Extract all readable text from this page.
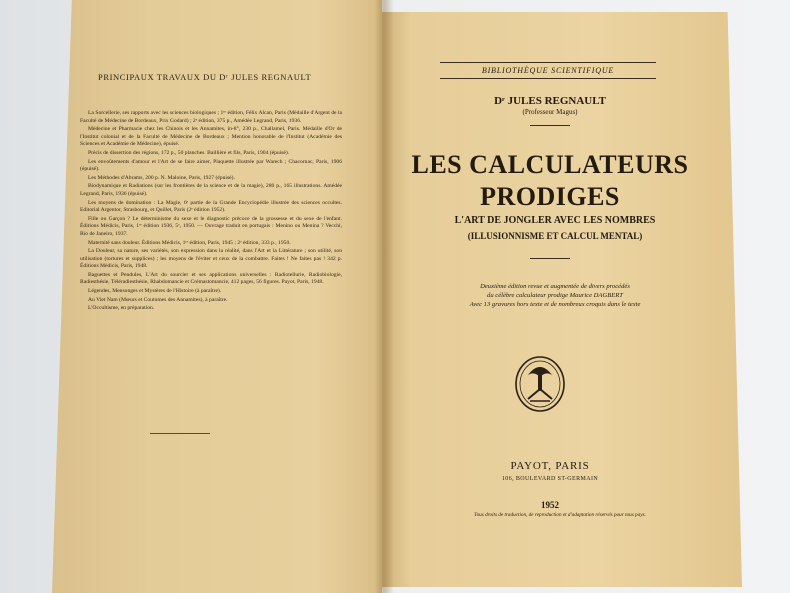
PRINCIPAUX TRAVAUX DU Dʳ JULES REGNAULT

La Sorcellerie, ses rapports avec les sciences biologiques ; 1ʳᵉ édition, Félix Alcan, Paris (Médaille d'Argent de la Faculté de Médecine de Bordeaux, Prix Godard) ; 2ᵉ édition, 375 p., Amédée Legrand, Paris, 1936.

Médecine et Pharmacie chez les Chinois et les Annamites, in-8°, 230 p., Challamel, Paris. Médaille d'Or de l'Institut colonial et de la Faculté de Médecine de Bordeaux ; Mention honorable de l'Institut (Académie des Sciences et Académie de Médecine), épuisé.

Précis de dissertion des régions, 172 p., 50 planches. Baillière et fils, Paris, 1904 (épuisé).

Les envoûtements d'amour et l'Art de se faire aimer, Plaquette illustrée par Warech ; Chacornac, Paris, 1906 (épuisé).

Les Méthodes d'Abrams, 200 p. N. Maloine, Paris, 1927 (épuisé).

Biodynamique et Radiations (sur les frontières de la science et de la magie), 280 p., 165 illustrations. Amédée Legrand, Paris, 1936 (épuisé).

Les moyens de domination : La Magie, 6ᵉ partie de la Grande Encyclopédie illustrée des sciences occultes. Editorial Argentor, Strasbourg, et Quillet, Paris (2ᵉ édition 1952).

Fille ou Garçon ? Le déterminisme du sexe et le diagnostic précoce de la grossesse et du sexe de l'enfant. Éditions Médicis, Paris, 1ʳᵉ édition 1936, 5ᵉ, 1950. — Ouvrage traduit en portugais : Menino ou Menina ? Vecchi, Rio de Janeiro, 1937.

Maternité sans douleur. Éditions Médicis, 1ʳᵉ édition, Paris, 1945 ; 2ᵉ édition, 333 p., 1950.

La Douleur, sa nature, ses variétés, son expression dans la réalité, dans l'Art et la Littérature ; son utilité, son utilisation (tortures et supplices) ; les moyens de l'éviter et ceux de la combattre. Faites ! Ne faites pas ! 342 p. Éditions Médicis, Paris, 1948.

Baguettes et Pendules, L'Art du sourcier et ses applications universelles : Radiotellurie, Radiobiologie, Radiesthésie, Téléradiesthésie, Rhabdomancie et Crémastomancie, 412 pages, 56 figures. Payot, Paris, 1948.

Légendes, Mensonges et Mystères de l'Histoire (à paraître).

Au Viet Nam (Mœurs et Coutumes des Annamites), à paraître.

L'Occultisme, en préparation.

BIBLIOTHÈQUE SCIENTIFIQUE
Dʳ JULES REGNAULT
(Professeur Magus)
LES CALCULATEURS
PRODIGES
L'ART DE JONGLER AVEC LES NOMBRES
(ILLUSIONNISME ET CALCUL MENTAL)
Deuxième édition revue et augmentée de divers procédés
du célèbre calculateur prodige Maurice DAGBERT
Avec 13 gravures hors texte et de nombreux croquis dans le texte
PAYOT, PARIS
106, BOULEVARD ST-GERMAIN
1952
Tous droits de traduction, de reproduction et d'adaptation réservés pour tous pays.
